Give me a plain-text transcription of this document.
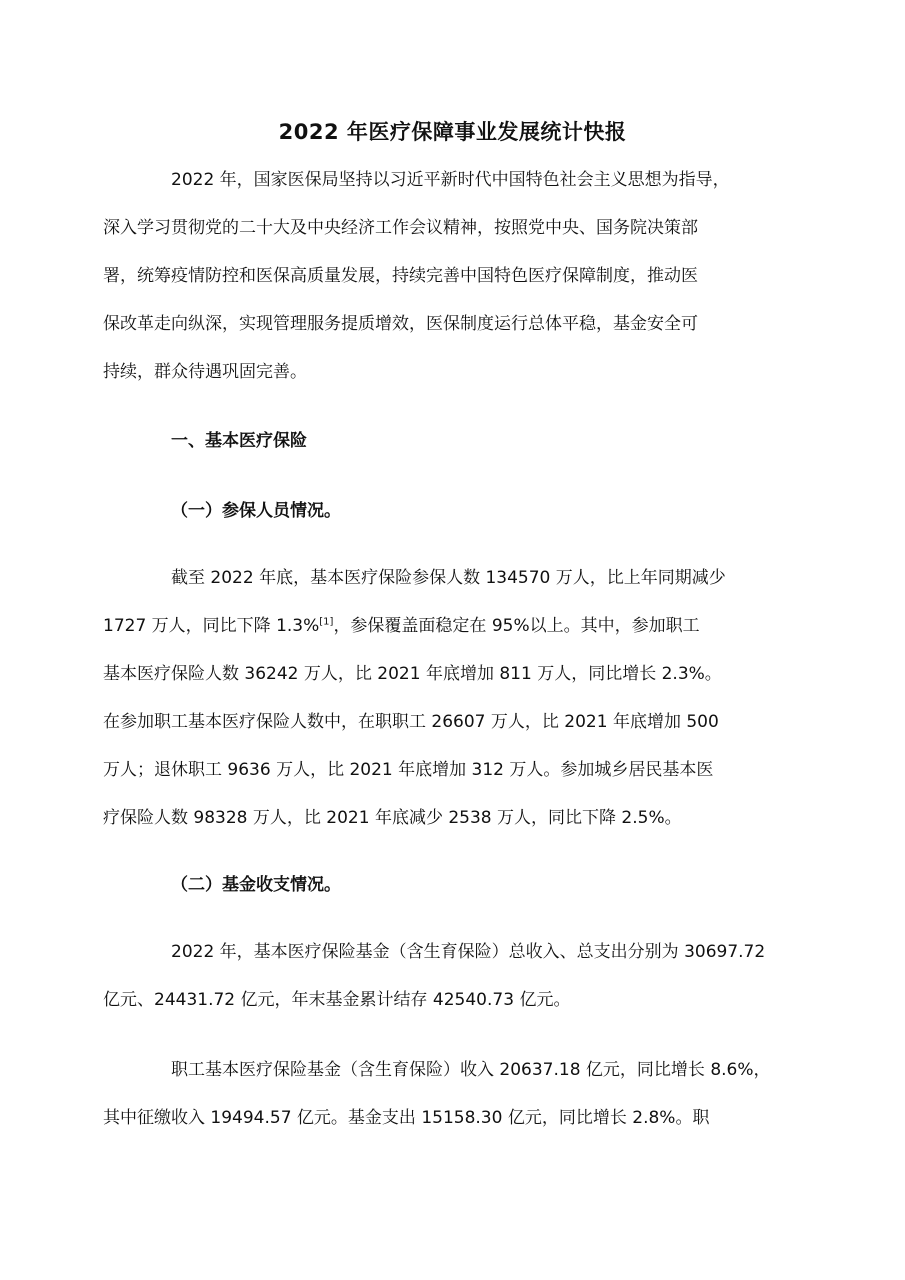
2022 年医疗保障事业发展统计快报
2022 年，国家医保局坚持以习近平新时代中国特色社会主义思想为指导，
深入学习贯彻党的二十大及中央经济工作会议精神，按照党中央、国务院决策部
署，统筹疫情防控和医保高质量发展，持续完善中国特色医疗保障制度，推动医
保改革走向纵深，实现管理服务提质增效，医保制度运行总体平稳，基金安全可
持续，群众待遇巩固完善。
一、基本医疗保险
（一）参保人员情况。
截至 2022 年底，基本医疗保险参保人数 134570 万人，比上年同期减少
1727 万人，同比下降 1.3%[1]，参保覆盖面稳定在 95%以上。其中，参加职工
基本医疗保险人数 36242 万人，比 2021 年底增加 811 万人，同比增长 2.3%。
在参加职工基本医疗保险人数中，在职职工 26607 万人，比 2021 年底增加 500
万人；退休职工 9636 万人，比 2021 年底增加 312 万人。参加城乡居民基本医
疗保险人数 98328 万人，比 2021 年底减少 2538 万人，同比下降 2.5%。
（二）基金收支情况。
2022 年，基本医疗保险基金（含生育保险）总收入、总支出分别为 30697.72
亿元、24431.72 亿元，年末基金累计结存 42540.73 亿元。
职工基本医疗保险基金（含生育保险）收入 20637.18 亿元，同比增长 8.6%，
其中征缴收入 19494.57 亿元。基金支出 15158.30 亿元，同比增长 2.8%。职
